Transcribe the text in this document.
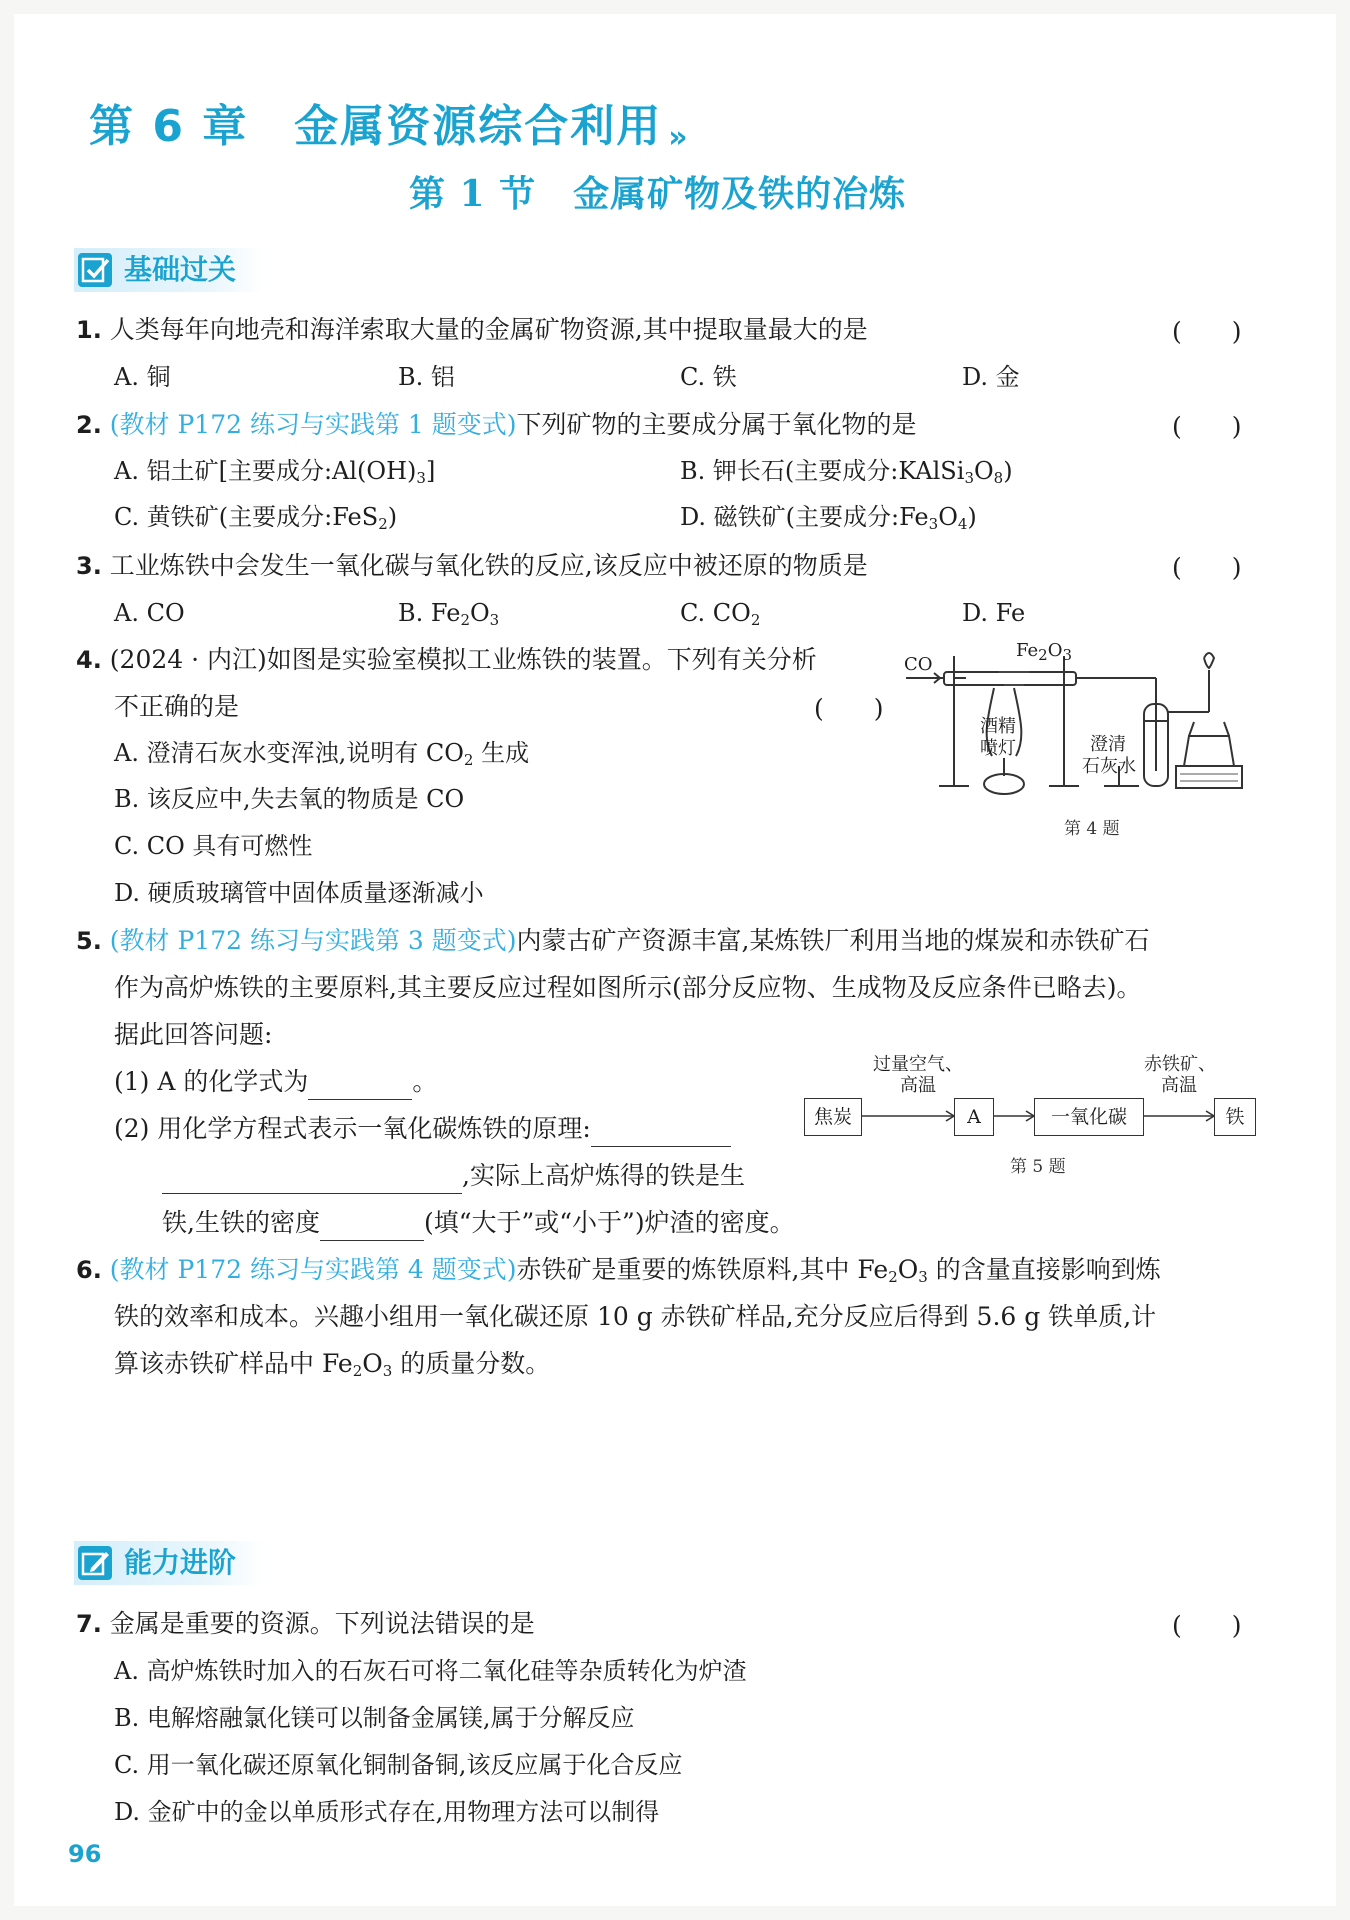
第 6 章　金属资源综合利用 »
第 1 节　金属矿物及铁的冶炼
基础过关
1. 人类每年向地壳和海洋索取大量的金属矿物资源,其中提取量最大的是	(　　)
A. 铜	B. 铝	C. 铁	D. 金
2. (教材 P172 练习与实践第 1 题变式)下列矿物的主要成分属于氧化物的是	(　　)
A. 铝土矿[主要成分$:Al(OH)_3$]	B. 钾长石(主要成分$:KAlSi_3O_8$)
C. 黄铁矿(主要成分:FeS$_2$)	D. 磁铁矿(主要成分$:Fe_3O_4$)
3. 工业炼铁中会发生一氧化碳与氧化铁的反应,该反应中被还原的物质是	(　　)
A. CO	B. $Fe_2O_3$	C. $CO_2$	D. Fe
4. (2024 · 内江)如图是实验室模拟工业炼铁的装置。下列有关分析
不正确的是	(　　)
A. 澄清石灰水变浑浊,说明有 $CO_2$ 生成
B. 该反应中,失去氧的物质是 CO
C. CO 具有可燃性
D. 硬质玻璃管中固体质量逐渐减小
CO
$Fe_2O_3$
酒精
喷灯	澄清
石灰水
第 4 题
5. (教材 P172 练习与实践第 3 题变式)内蒙古矿产资源丰富,某炼铁厂利用当地的煤炭和赤铁矿石
作为高炉炼铁的主要原料,其主要反应过程如图所示(部分反应物、生成物及反应条件已略去)。
据此回答问题:
(1) A 的化学式为	。
(2) 用化学方程式表示一氧化碳炼铁的原理:
,实际上高炉炼得的铁是生
铁,生铁的密度	(填“大于”或“小于”)炉渣的密度。
焦炭	A	一氧化碳	铁
过量空气、
高温
赤铁矿、
高温
第 5 题
6. (教材 P172 练习与实践第 4 题变式)赤铁矿是重要的炼铁原料,其中 $Fe_2O_3$ 的含量直接影响到炼
铁的效率和成本。兴趣小组用一氧化碳还原 10 g 赤铁矿样品,充分反应后得到 5.6 g 铁单质,计
算该赤铁矿样品中 $Fe_2O_3$ 的质量分数。
能力进阶
7. 金属是重要的资源。下列说法错误的是	(　　)
A. 高炉炼铁时加入的石灰石可将二氧化硅等杂质转化为炉渣
B. 电解熔融氯化镁可以制备金属镁,属于分解反应
C. 用一氧化碳还原氧化铜制备铜,该反应属于化合反应
D. 金矿中的金以单质形式存在,用物理方法可以制得
96
